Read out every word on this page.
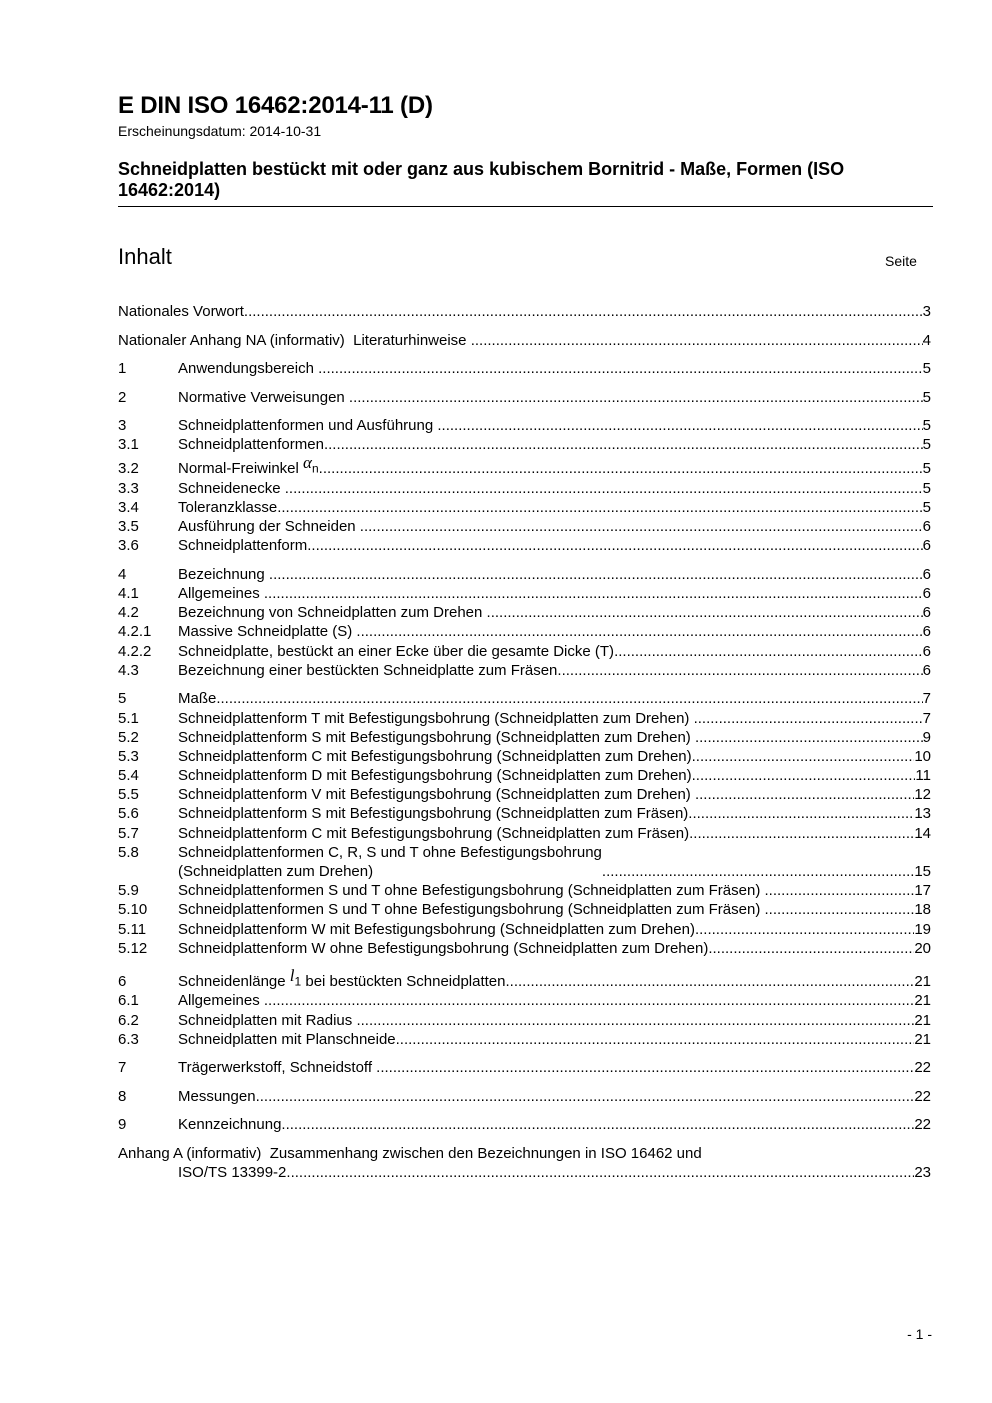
E DIN ISO 16462:2014-11 (D)
Erscheinungsdatum: 2014-10-31
Schneidplatten bestückt mit oder ganz aus kubischem Bornitrid - Maße, Formen (ISO 16462:2014)
Inhalt	Seite
Nationales Vorwort .....	3
Nationaler Anhang NA (informativ)  Literaturhinweise .....	4
1	Anwendungsbereich .....	5
2	Normative Verweisungen .....	5
3	Schneidplattenformen und Ausführung .....	5
3.1	Schneidplattenformen .....	5
3.2	Normal-Freiwinkel $\alpha_n$ .....	5
3.3	Schneidenecke .....	5
3.4	Toleranzklasse .....	5
3.5	Ausführung der Schneiden .....	6
3.6	Schneidplattenform .....	6
4	Bezeichnung .....	6
4.1	Allgemeines .....	6
4.2	Bezeichnung von Schneidplatten zum Drehen .....	6
4.2.1	Massive Schneidplatte (S) .....	6
4.2.2	Schneidplatte, bestückt an einer Ecke über die gesamte Dicke (T) .....	6
4.3	Bezeichnung einer bestückten Schneidplatte zum Fräsen .....	6
5	Maße .....	7
5.1	Schneidplattenform T mit Befestigungsbohrung (Schneidplatten zum Drehen) .....	7
5.2	Schneidplattenform S mit Befestigungsbohrung (Schneidplatten zum Drehen) .....	9
5.3	Schneidplattenform C mit Befestigungsbohrung (Schneidplatten zum Drehen) .....	10
5.4	Schneidplattenform D mit Befestigungsbohrung (Schneidplatten zum Drehen) .....	11
5.5	Schneidplattenform V mit Befestigungsbohrung (Schneidplatten zum Drehen) .....	12
5.6	Schneidplattenform S mit Befestigungsbohrung (Schneidplatten zum Fräsen) .....	13
5.7	Schneidplattenform C mit Befestigungsbohrung (Schneidplatten zum Fräsen) .....	14
5.8	Schneidplattenformen C, R, S und T ohne Befestigungsbohrung
(Schneidplatten zum Drehen) .....	15
5.9	Schneidplattenformen S und T ohne Befestigungsbohrung (Schneidplatten zum Fräsen) .....	17
5.10	Schneidplattenformen S und T ohne Befestigungsbohrung (Schneidplatten zum Fräsen) .....	18
5.11	Schneidplattenform W mit Befestigungsbohrung (Schneidplatten zum Drehen) .....	19
5.12	Schneidplattenform W ohne Befestigungsbohrung (Schneidplatten zum Drehen) .....	20
6	Schneidenlänge $l_1$ bei bestückten Schneidplatten .....	21
6.1	Allgemeines .....	21
6.2	Schneidplatten mit Radius .....	21
6.3	Schneidplatten mit Planschneide .....	21
7	Trägerwerkstoff, Schneidstoff .....	22
8	Messungen .....	22
9	Kennzeichnung .....	22
Anhang A (informativ)  Zusammenhang zwischen den Bezeichnungen in ISO 16462 und
ISO/TS 13399-2 .....	23
- 1 -
